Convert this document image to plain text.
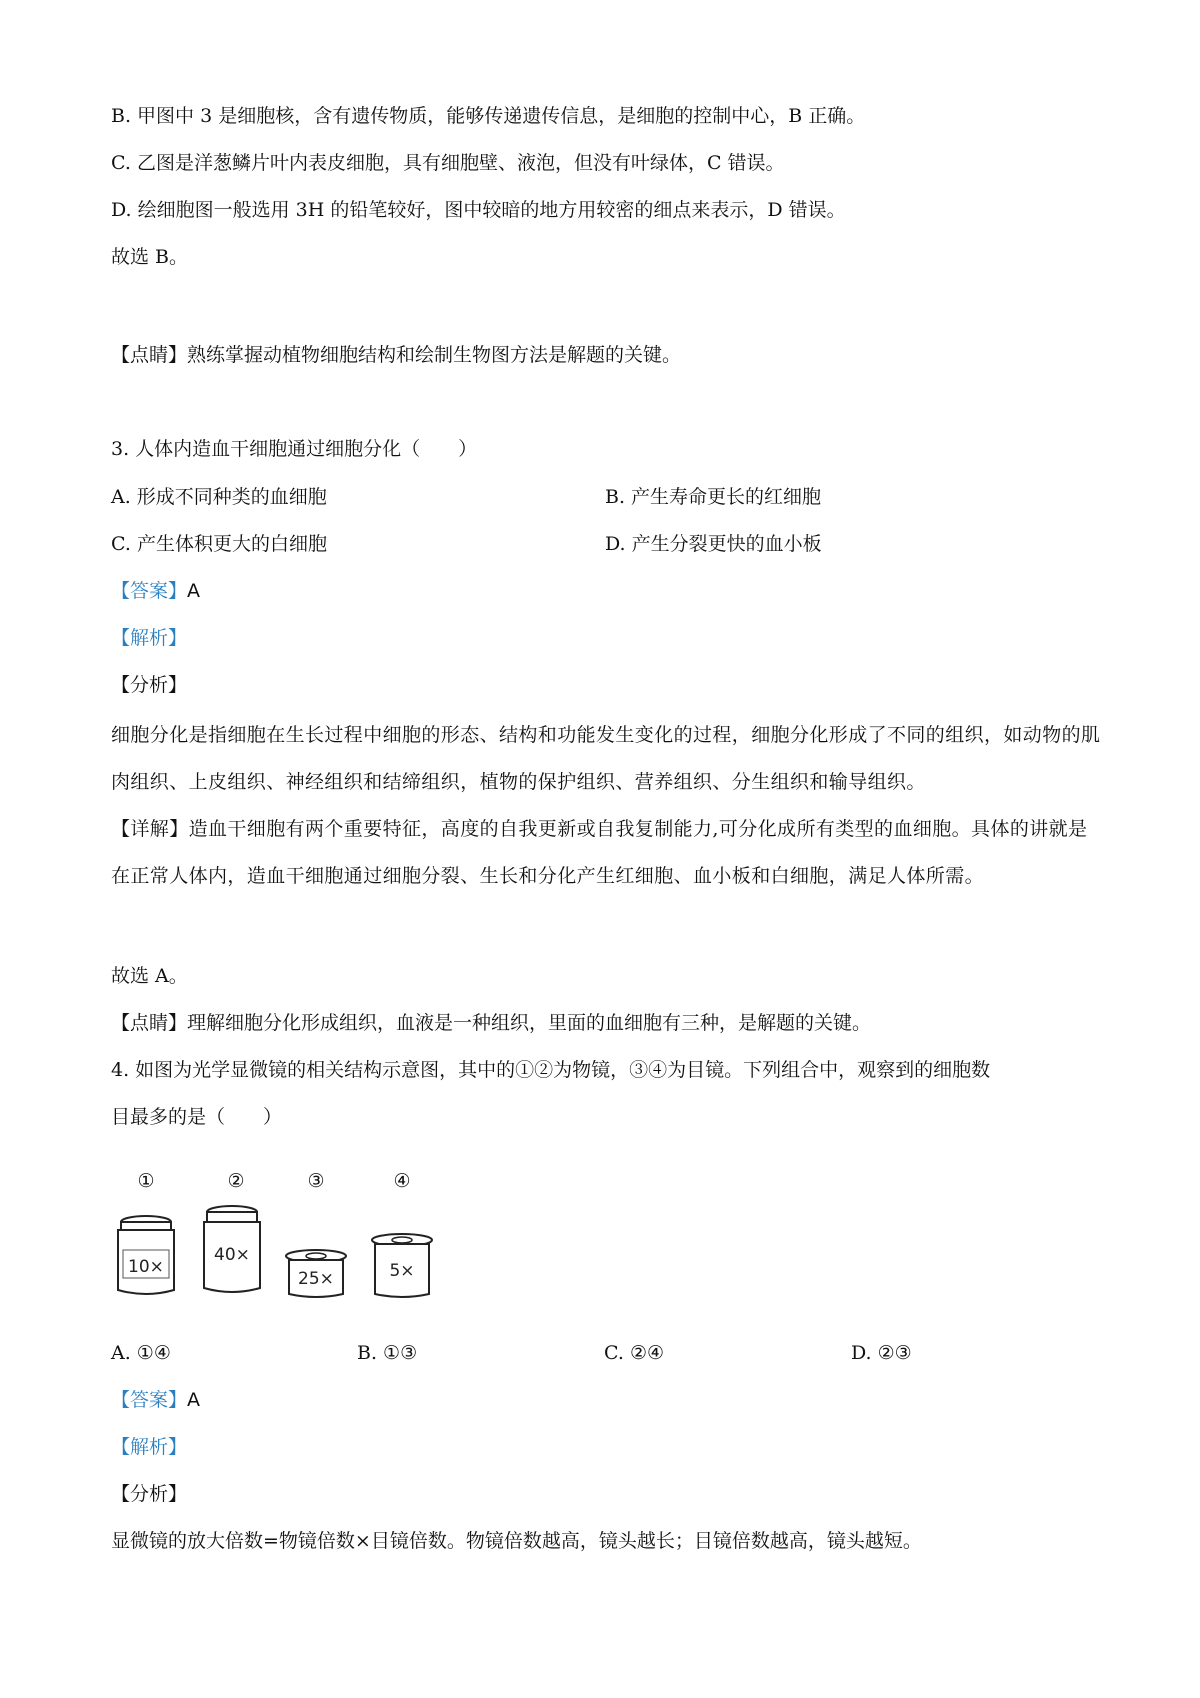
B. 甲图中 3 是细胞核，含有遗传物质，能够传递遗传信息，是细胞的控制中心，B 正确。
C. 乙图是洋葱鳞片叶内表皮细胞，具有细胞壁、液泡，但没有叶绿体，C 错误。
D. 绘细胞图一般选用 3H 的铅笔较好，图中较暗的地方用较密的细点来表示，D 错误。
故选 B。
【点睛】熟练掌握动植物细胞结构和绘制生物图方法是解题的关键。
3. 人体内造血干细胞通过细胞分化（　　）
A. 形成不同种类的血细胞	B. 产生寿命更长的红细胞
C. 产生体积更大的白细胞	D. 产生分裂更快的血小板
【答案】A
【解析】
【分析】
细胞分化是指细胞在生长过程中细胞的形态、结构和功能发生变化的过程，细胞分化形成了不同的组织，如动物的肌肉组织、上皮组织、神经组织和结缔组织，植物的保护组织、营养组织、分生组织和输导组织。
【详解】造血干细胞有两个重要特征，高度的自我更新或自我复制能力,可分化成所有类型的血细胞。具体的讲就是在正常人体内，造血干细胞通过细胞分裂、生长和分化产生红细胞、血小板和白细胞，满足人体所需。
故选 A。
【点睛】理解细胞分化形成组织，血液是一种组织，里面的血细胞有三种，是解题的关键。
4. 如图为光学显微镜的相关结构示意图，其中的①②为物镜，③④为目镜。下列组合中，观察到的细胞数
目最多的是（　　）
①	②	③	④
10×
40×
25×	5×
A. ①④	B. ①③	C. ②④	D. ②③
【答案】A
【解析】
【分析】
显微镜的放大倍数=物镜倍数×目镜倍数。物镜倍数越高，镜头越长；目镜倍数越高，镜头越短。
